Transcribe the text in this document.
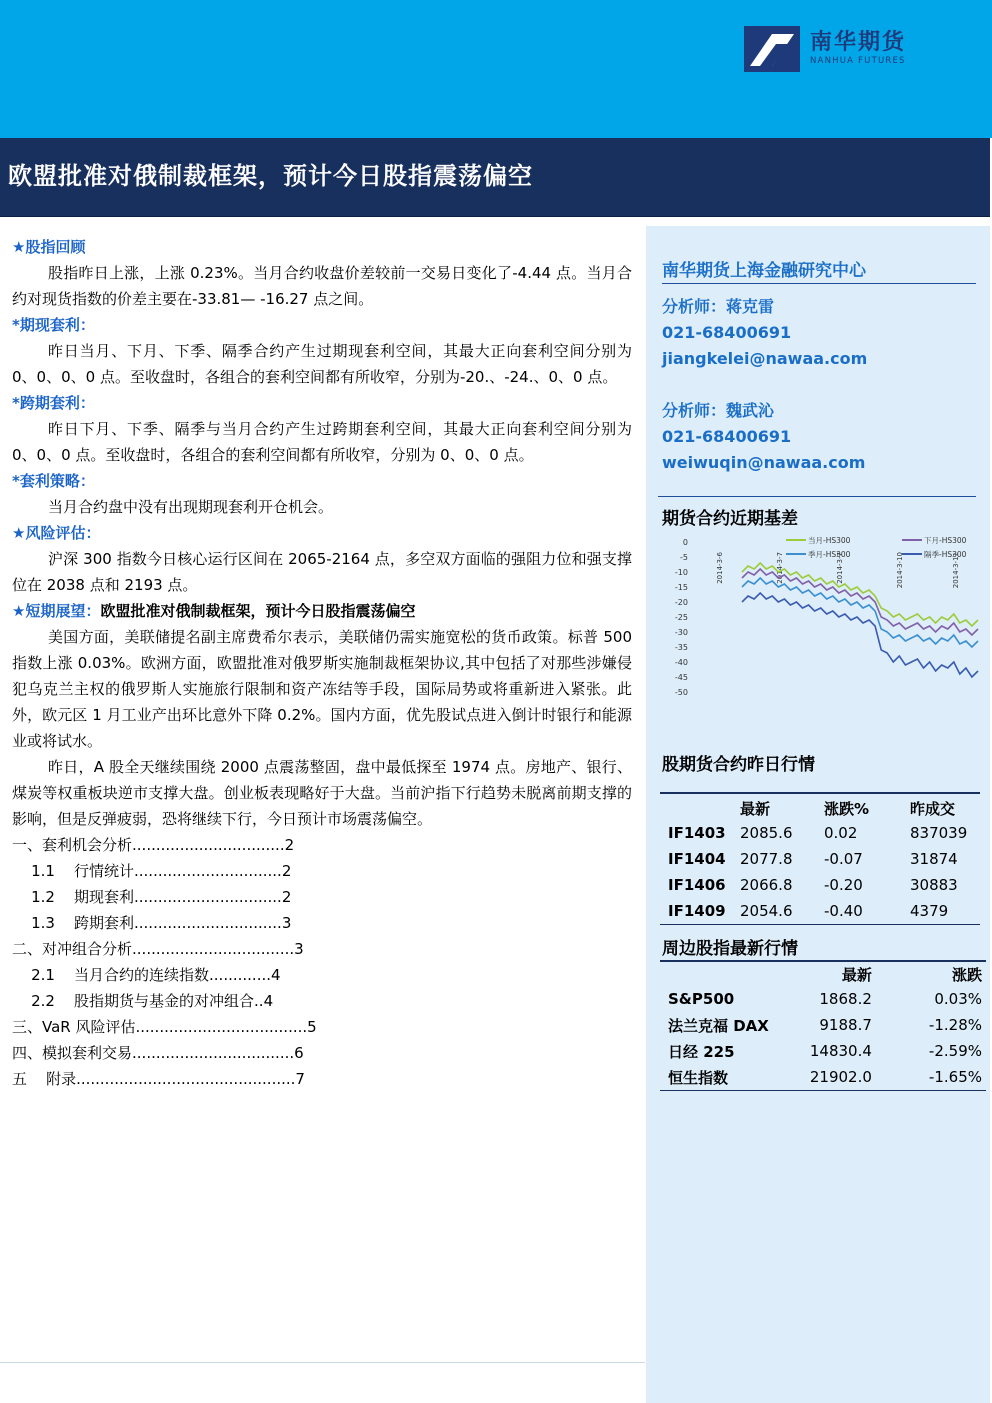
南华期货
NANHUA FUTURES
欧盟批准对俄制裁框架，预计今日股指震荡偏空
★股指回顾
股指昨日上涨，上涨 0.23%。当月合约收盘价差较前一交易日变化了-4.44 点。当月合约对现货指数的价差主要在-33.81— -16.27 点之间。
*期现套利：
昨日当月、下月、下季、隔季合约产生过期现套利空间，其最大正向套利空间分别为 0、0、0、0 点。至收盘时，各组合的套利空间都有所收窄，分别为-20.、-24.、0、0 点。
*跨期套利：
昨日下月、下季、隔季与当月合约产生过跨期套利空间，其最大正向套利空间分别为 0、0、0 点。至收盘时，各组合的套利空间都有所收窄，分别为 0、0、0 点。
*套利策略：
当月合约盘中没有出现期现套利开仓机会。
★风险评估：
沪深 300 指数今日核心运行区间在 2065-2164 点，多空双方面临的强阻力位和强支撑位在 2038 点和 2193 点。
★短期展望：欧盟批准对俄制裁框架，预计今日股指震荡偏空
美国方面，美联储提名副主席费希尔表示，美联储仍需实施宽松的货币政策。标普 500 指数上涨 0.03%。欧洲方面，欧盟批准对俄罗斯实施制裁框架协议,其中包括了对那些涉嫌侵犯乌克兰主权的俄罗斯人实施旅行限制和资产冻结等手段，国际局势或将重新进入紧张。此外，欧元区 1 月工业产出环比意外下降 0.2%。国内方面，优先股试点进入倒计时银行和能源业或将试水。
昨日，A 股全天继续围绕 2000 点震荡整固，盘中最低探至 1974 点。房地产、银行、煤炭等权重板块逆市支撑大盘。创业板表现略好于大盘。当前沪指下行趋势未脱离前期支撑的影响，但是反弹疲弱，恐将继续下行，今日预计市场震荡偏空。
一、套利机会分析 ................................ 2
1.1    行情统计 ............................... 2
1.2    期现套利 ............................... 2
1.3    跨期套利 ............................... 3
二、对冲组合分析 .................................. 3
2.1    当月合约的连续指数 ............. 4
2.2    股指期货与基金的对冲组合 .. 4
三、VaR 风险评估 .................................... 5
四、模拟套利交易 .................................. 6
五    附录 .............................................. 7
南华期货上海金融研究中心
分析师：蒋克雷
021-68400691
jiangkelei@nawaa.com
分析师：魏武沁
021-68400691
weiwuqin@nawaa.com
期货合约近期基差
0
-5
-10
-15
-20
-25
-30
-35
-40
-45
-50
2014-3-6	2014-3-7	2014-3-7	2014-3-10	2014-3-11
当月-HS300	下月-HS300
季月-HS300	隔季-HS300
股期货合约昨日行情
	最新	涨跌%	昨成交
IF1403	2085.6	0.02	837039
IF1404	2077.8	-0.07	31874
IF1406	2066.8	-0.20	30883
IF1409	2054.6	-0.40	4379
周边股指最新行情
	最新	涨跌
S&P500	1868.2	0.03%
法兰克福 DAX	9188.7	-1.28%
日经 225	14830.4	-2.59%
恒生指数	21902.0	-1.65%
